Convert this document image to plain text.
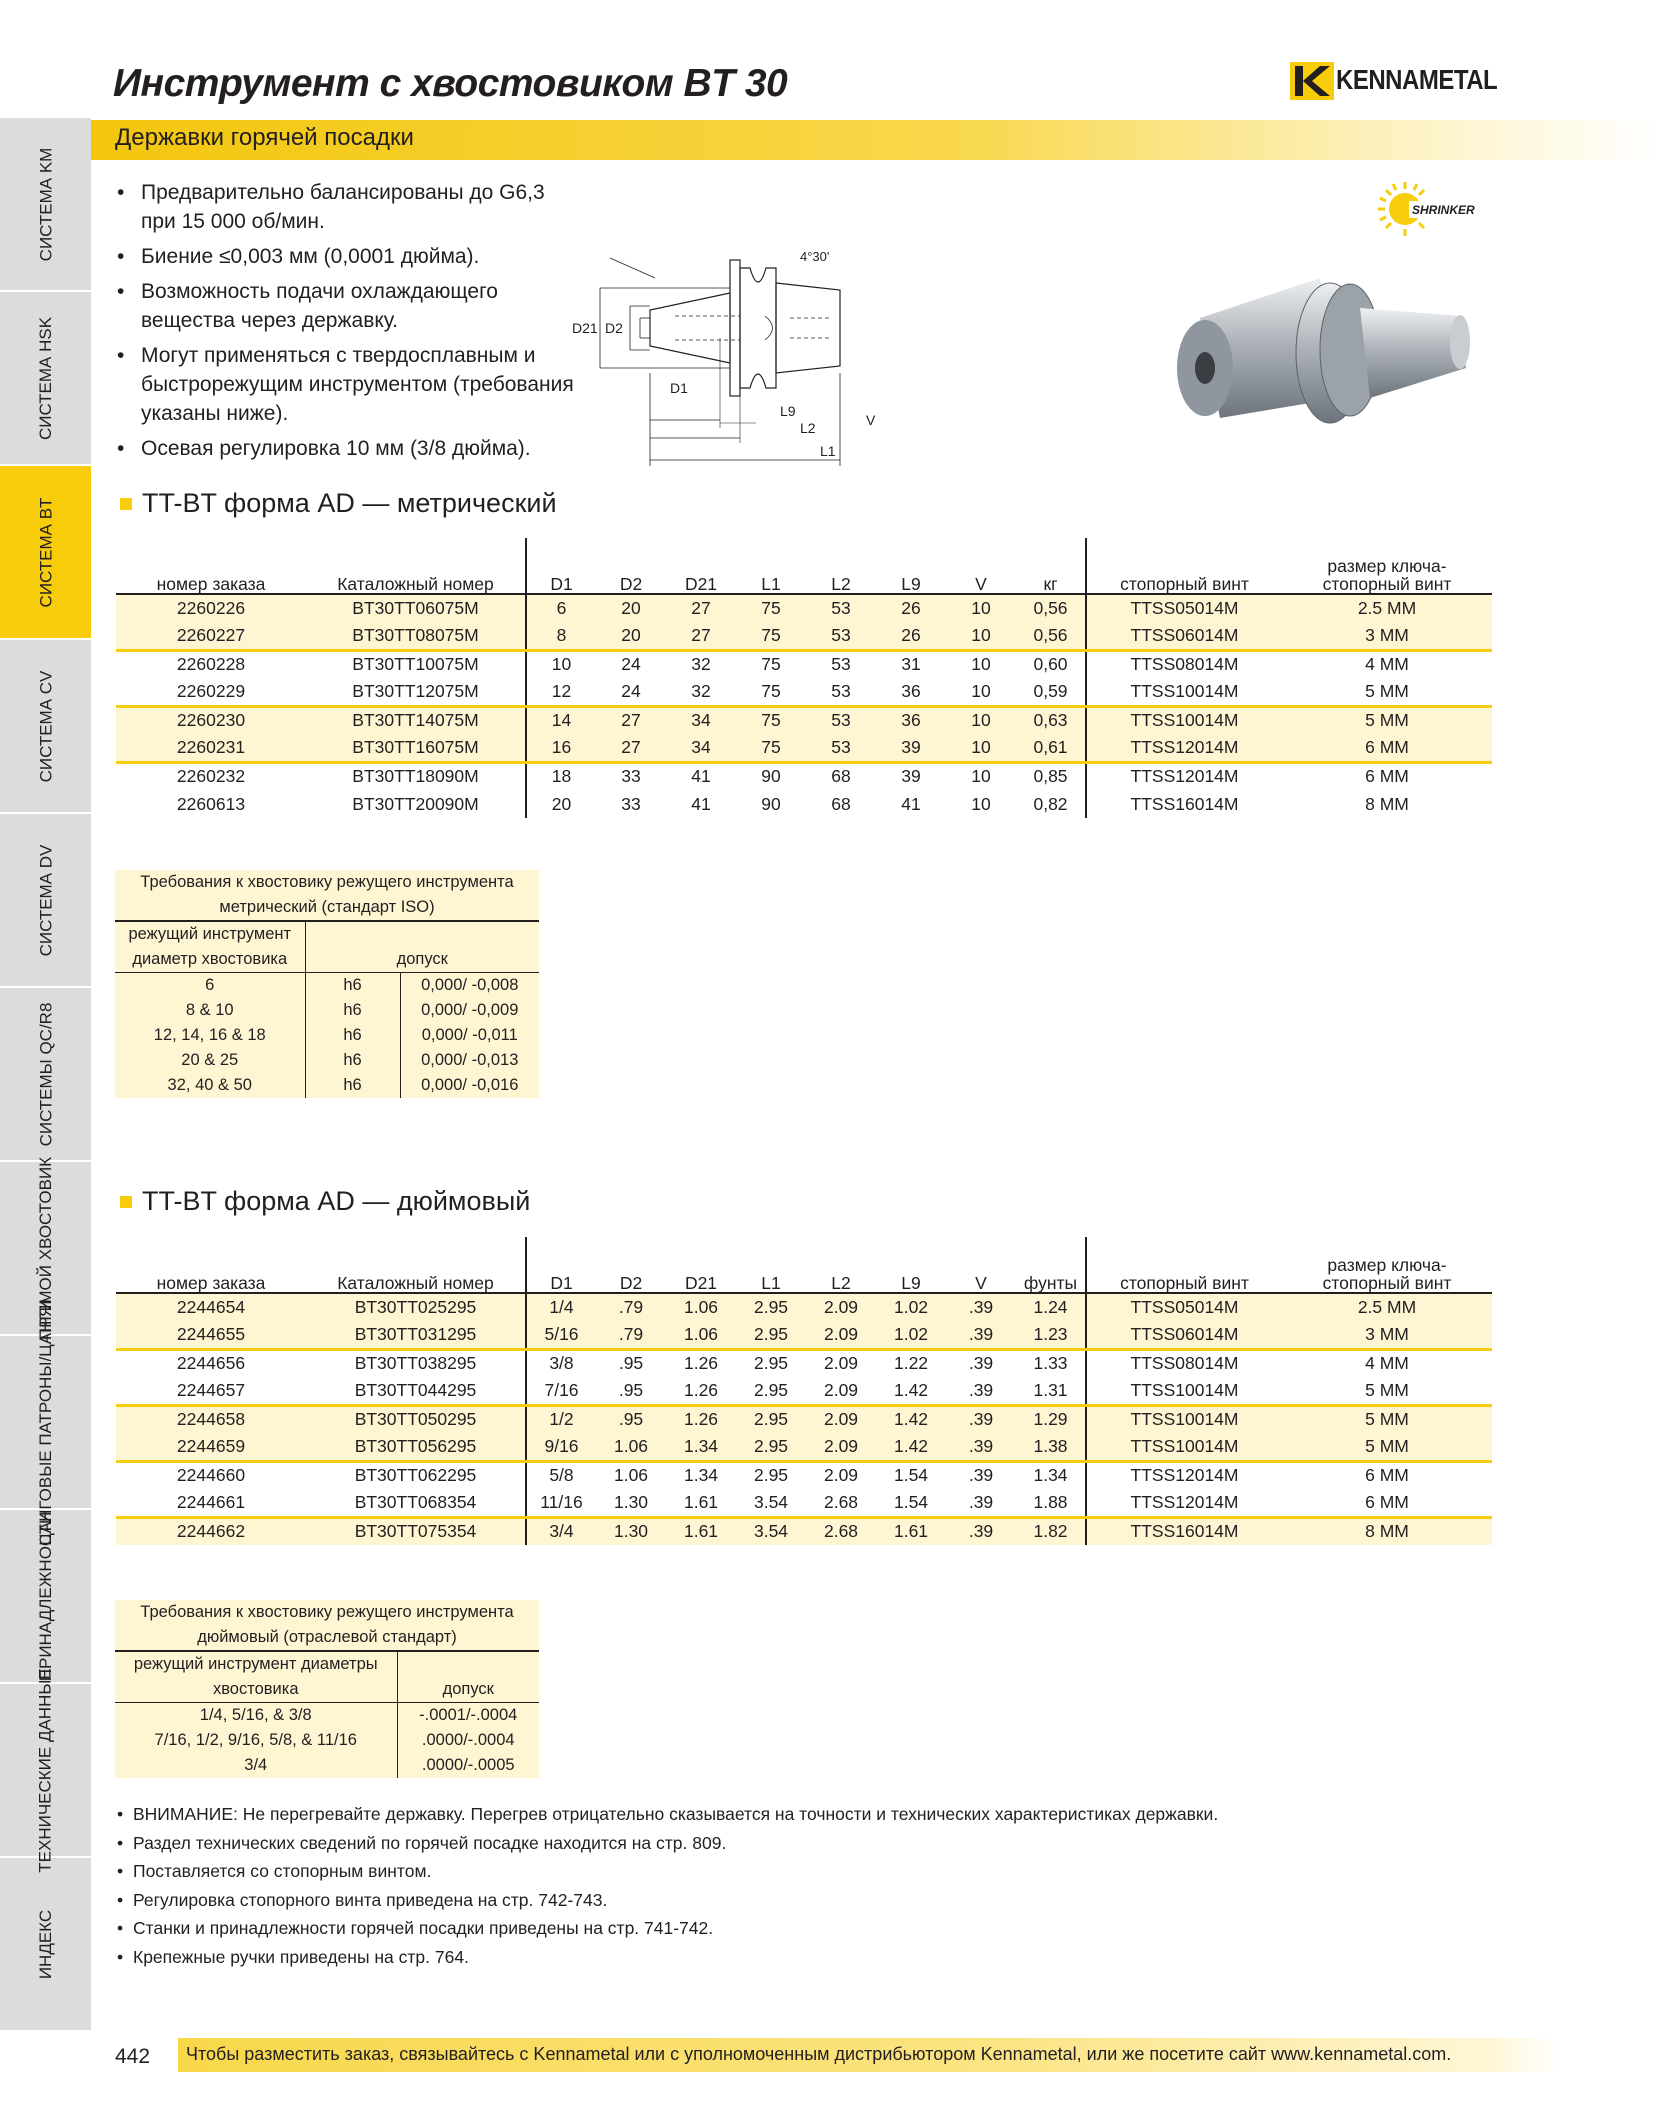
СИСТЕМА KM
СИСТЕМА HSK
СИСТЕМА BT
СИСТЕМА CV
СИСТЕМА DV
СИСТЕМЫ QC/R8
ПРЯМОЙ ХВОСТОВИК
ЦАНГОВЫЕ ПАТРОНЫ/ЦАНГИ
ПРИНАДЛЕЖНОСТИ
ТЕХНИЧЕСКИЕ ДАННЫЕ
ИНДЕКС
Инструмент с хвостовиком BT 30	KENNAMETAL
Державки горячей посадки
• Предварительно балансированы до G6,3 при 15 000 об/мин.
• Биение ≤0,003 мм (0,0001 дюйма).
• Возможность подачи охлаждающего вещества через державку.
• Могут применяться с твердосплавным и быстрорежущим инструментом (требования указаны ниже).
• Осевая регулировка 10 мм (3/8 дюйма).
SHRINKER
4°30'
D21 D2
D1
L9
L2
L1
V
TT-BT форма AD — метрический
номер заказа	Каталожный номер	D1	D2	D21	L1	L2	L9	V	кг	стопорный винт	размер ключа-стопорный винт
2260226	BT30TT06075M	6	20	27	75	53	26	10	0,56	TTSS05014M	2.5 MM
2260227	BT30TT08075M	8	20	27	75	53	26	10	0,56	TTSS06014M	3 MM
2260228	BT30TT10075M	10	24	32	75	53	31	10	0,60	TTSS08014M	4 MM
2260229	BT30TT12075M	12	24	32	75	53	36	10	0,59	TTSS10014M	5 MM
2260230	BT30TT14075M	14	27	34	75	53	36	10	0,63	TTSS10014M	5 MM
2260231	BT30TT16075M	16	27	34	75	53	39	10	0,61	TTSS12014M	6 MM
2260232	BT30TT18090M	18	33	41	90	68	39	10	0,85	TTSS12014M	6 MM
2260613	BT30TT20090M	20	33	41	90	68	41	10	0,82	TTSS16014M	8 MM
Требования к хвостовику режущего инструмента метрический (стандарт ISO)		
режущий инструмент диаметр хвостовика	допуск	
6	h6	0,000/ -0,008
8 & 10	h6	0,000/ -0,009
12, 14, 16 & 18	h6	0,000/ -0,011
20 & 25	h6	0,000/ -0,013
32, 40 & 50	h6	0,000/ -0,016
TT-BT форма AD — дюймовый
номер заказа	Каталожный номер	D1	D2	D21	L1	L2	L9	V	фунты	стопорный винт	размер ключа-стопорный винт
2244654	BT30TT025295	1/4	.79	1.06	2.95	2.09	1.02	.39	1.24	TTSS05014M	2.5 MM
2244655	BT30TT031295	5/16	.79	1.06	2.95	2.09	1.02	.39	1.23	TTSS06014M	3 MM
2244656	BT30TT038295	3/8	.95	1.26	2.95	2.09	1.22	.39	1.33	TTSS08014M	4 MM
2244657	BT30TT044295	7/16	.95	1.26	2.95	2.09	1.42	.39	1.31	TTSS10014M	5 MM
2244658	BT30TT050295	1/2	.95	1.26	2.95	2.09	1.42	.39	1.29	TTSS10014M	5 MM
2244659	BT30TT056295	9/16	1.06	1.34	2.95	2.09	1.42	.39	1.38	TTSS10014M	5 MM
2244660	BT30TT062295	5/8	1.06	1.34	2.95	2.09	1.54	.39	1.34	TTSS12014M	6 MM
2244661	BT30TT068354	11/16	1.30	1.61	3.54	2.68	1.54	.39	1.88	TTSS12014M	6 MM
2244662	BT30TT075354	3/4	1.30	1.61	3.54	2.68	1.61	.39	1.82	TTSS16014M	8 MM
Требования к хвостовику режущего инструмента дюймовый (отраслевой стандарт)	
режущий инструмент диаметры хвостовика	допуск
1/4, 5/16, & 3/8	-.0001/-.0004
7/16, 1/2, 9/16, 5/8, & 11/16	.0000/-.0004
3/4	.0000/-.0005
• ВНИМАНИЕ: Не перегревайте державку. Перегрев отрицательно сказывается на точности и технических характеристиках державки.
• Раздел технических сведений по горячей посадке находится на стр. 809.
• Поставляется со стопорным винтом.
• Регулировка стопорного винта приведена на стр. 742-743.
• Станки и принадлежности горячей посадки приведены на стр. 741-742.
• Крепежные ручки приведены на стр. 764.
442	Чтобы разместить заказ, связывайтесь с Kennametal или с уполномоченным дистрибьютором Kennametal, или же посетите сайт www.kennametal.com.
